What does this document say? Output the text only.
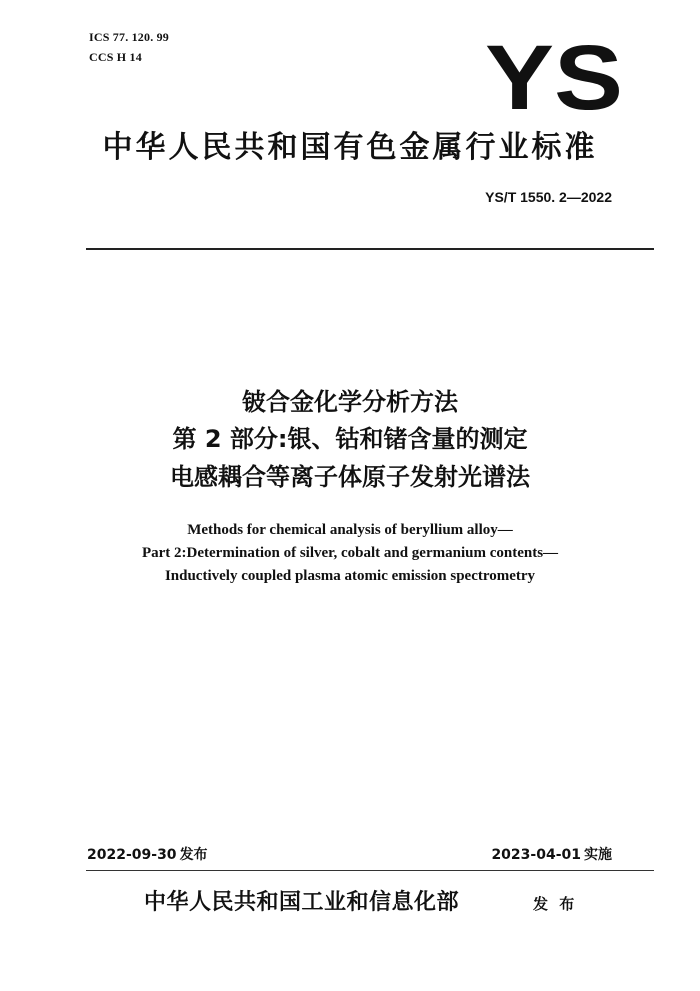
ICS 77. 120. 99
CCS H 14	YS
中华人民共和国有色金属行业标准
YS/T 1550. 2—2022
铍合金化学分析方法
第 2 部分:银、钴和锗含量的测定
电感耦合等离子体原子发射光谱法
Methods for chemical analysis of beryllium alloy—
Part 2:Determination of silver, cobalt and germanium contents—
Inductively coupled plasma atomic emission spectrometry
2022-09-30 发布	2023-04-01 实施
中华人民共和国工业和信息化部	发 布
